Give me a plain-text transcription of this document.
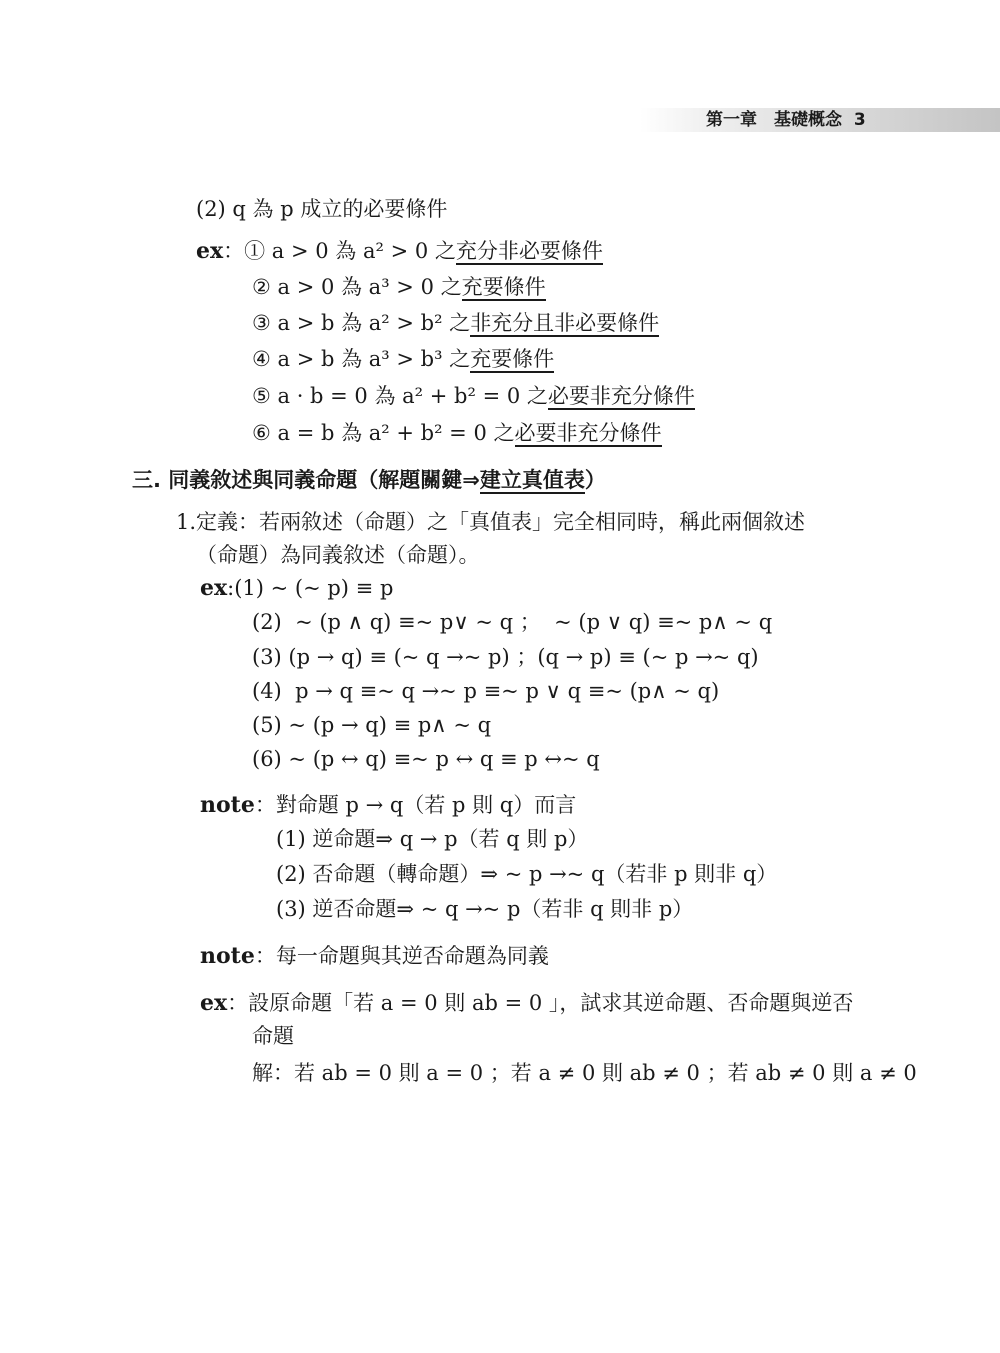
第一章　基礎概念 3
(2) q 為 p 成立的必要條件
ex：① a > 0 為 a² > 0 之充分非必要條件
② a > 0 為 a³ > 0 之充要條件
③ a > b 為 a² > b² 之非充分且非必要條件
④ a > b 為 a³ > b³ 之充要條件
⑤ a · b = 0 為 a² + b² = 0 之必要非充分條件
⑥ a = b 為 a² + b² = 0 之必要非充分條件
三. 同義敘述與同義命題（解題關鍵⇒建立真值表）
1.定義：若兩敘述（命題）之「真值表」完全相同時，稱此兩個敘述
（命題）為同義敘述（命題）。
ex:(1) ~ (~ p) ≡ p
(2)  ~ (p ∧ q) ≡~ p∨ ~ q ；  ~ (p ∨ q) ≡~ p∧ ~ q
(3) (p → q) ≡ (~ q →~ p) ；(q → p) ≡ (~ p →~ q)
(4)  p → q ≡~ q →~ p ≡~ p ∨ q ≡~ (p∧ ~ q)
(5) ~ (p → q) ≡ p∧ ~ q
(6) ~ (p ↔ q) ≡~ p ↔ q ≡ p ↔~ q
note：對命題 p → q（若 p 則 q）而言
(1) 逆命題⇒ q → p（若 q 則 p）
(2) 否命題（轉命題）⇒ ~ p →~ q（若非 p 則非 q）
(3) 逆否命題⇒ ~ q →~ p（若非 q 則非 p）
note：每一命題與其逆否命題為同義
ex：設原命題「若 a = 0 則 ab = 0 」，試求其逆命題、否命題與逆否
命題
解：若 ab = 0 則 a = 0 ；若 a ≠ 0 則 ab ≠ 0 ；若 ab ≠ 0 則 a ≠ 0
